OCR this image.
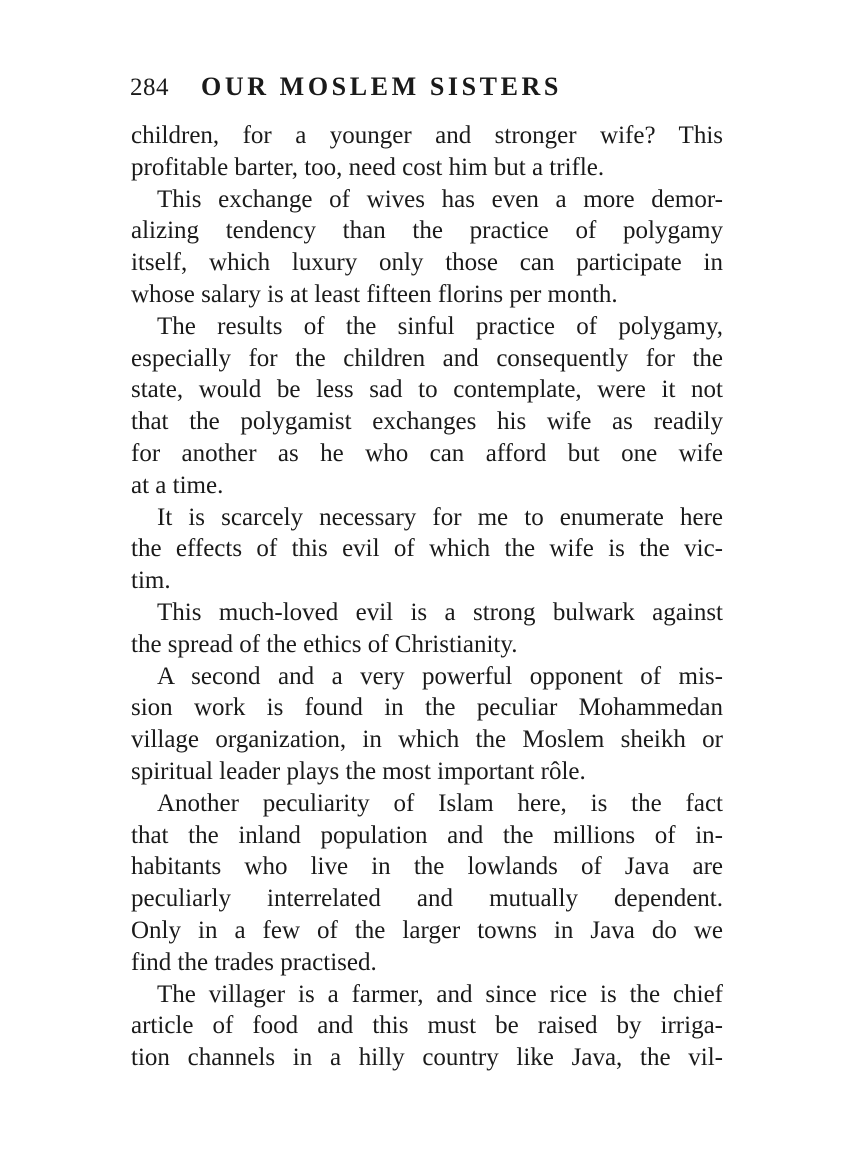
284 OUR MOSLEM SISTERS
children, for a younger and stronger wife? This
profitable barter, too, need cost him but a trifle.
This exchange of wives has even a more demor-
alizing tendency than the practice of polygamy
itself, which luxury only those can participate in
whose salary is at least fifteen florins per month.
The results of the sinful practice of polygamy,
especially for the children and consequently for the
state, would be less sad to contemplate, were it not
that the polygamist exchanges his wife as readily
for another as he who can afford but one wife
at a time.
It is scarcely necessary for me to enumerate here
the effects of this evil of which the wife is the vic-
tim.
This much-loved evil is a strong bulwark against
the spread of the ethics of Christianity.
A second and a very powerful opponent of mis-
sion work is found in the peculiar Mohammedan
village organization, in which the Moslem sheikh or
spiritual leader plays the most important rôle.
Another peculiarity of Islam here, is the fact
that the inland population and the millions of in-
habitants who live in the lowlands of Java are
peculiarly interrelated and mutually dependent.
Only in a few of the larger towns in Java do we
find the trades practised.
The villager is a farmer, and since rice is the chief
article of food and this must be raised by irriga-
tion channels in a hilly country like Java, the vil-
